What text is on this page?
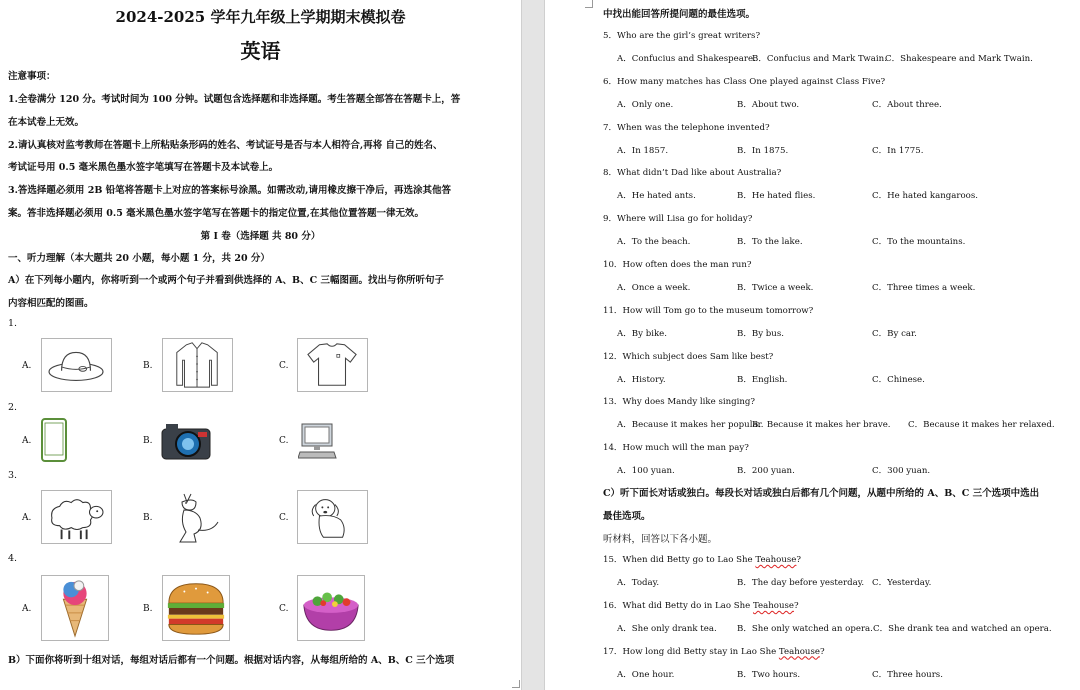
2024-2025 学年九年级上学期期末模拟卷
英语
注意事项：
1.全卷满分 120 分。考试时间为 100 分钟。试题包含选择题和非选择题。考生答题全部答在答题卡上，答
在本试卷上无效。
2.请认真核对监考教师在答题卡上所粘贴条形码的姓名、考试证号是否与本人相符合,再将 自己的姓名、
考试证号用 0.5 毫米黑色墨水签字笔填写在答题卡及本试卷上。
3.答选择题必须用 2B 铅笔将答题卡上对应的答案标号涂黑。如需改动,请用橡皮擦干净后，再选涂其他答
案。答非选择题必须用 0.5 毫米黑色墨水签字笔写在答题卡的指定位置,在其他位置答题一律无效。
第 I 卷（选择题 共 80 分）
一、听力理解（本大题共 20 小题，每小题 1 分，共 20 分）
A）在下列每小题内，你将听到一个或两个句子并看到供选择的 A、B、C 三幅图画。找出与你所听句子
内容相匹配的图画。
1.
A.	B.	C.
2.
A.	B.	C.
3.
A.	B.	C.
4.
A.	B.	C.
B）下面你将听到十组对话，每组对话后都有一个问题。根据对话内容，从每组所给的 A、B、C 三个选项
中找出能回答所提问题的最佳选项。
C）听下面长对话或独白。每段长对话或独白后都有几个问题，从题中所给的 A、B、C 三个选项中选出
最佳选项。
听材料，回答以下各小题。
5．Who are the girl’s great writers?
A．Confucius and Shakespeare.
B．Confucius and Mark Twain.
C．Shakespeare and Mark Twain.
6．How many matches has Class One played against Class Five?
A．Only one.	B．About two.	C．About three.
7．When was the telephone invented?
A．In 1857.	B．In 1875.	C．In 1775.
8．What didn’t Dad like about Australia?
A．He hated ants.	B．He hated flies.	C．He hated kangaroos.
9．Where will Lisa go for holiday?
A．To the beach.	B．To the lake.	C．To the mountains.
10．How often does the man run?
A．Once a week.	B．Twice a week.	C．Three times a week.
11．How will Tom go to the museum tomorrow?
A．By bike.	B．By bus.	C．By car.
12．Which subject does Sam like best?
A．History.	B．English.	C．Chinese.
13．Why does Mandy like singing?
A．Because it makes her popular.
B．Because it makes her brave. C．Because it makes her relaxed.
14．How much will the man pay?
A．100 yuan.	B．200 yuan.	C．300 yuan.
15．When did Betty go to Lao She Teahouse?
A．Today.	B．The day before yesterday. C．Yesterday.
16．What did Betty do in Lao She Teahouse?
A．She only drank tea. B．She only watched an opera. C．She drank tea and watched an opera.
17．How long did Betty stay in Lao She Teahouse?
A．One hour.	B．Two hours.	C．Three hours.
